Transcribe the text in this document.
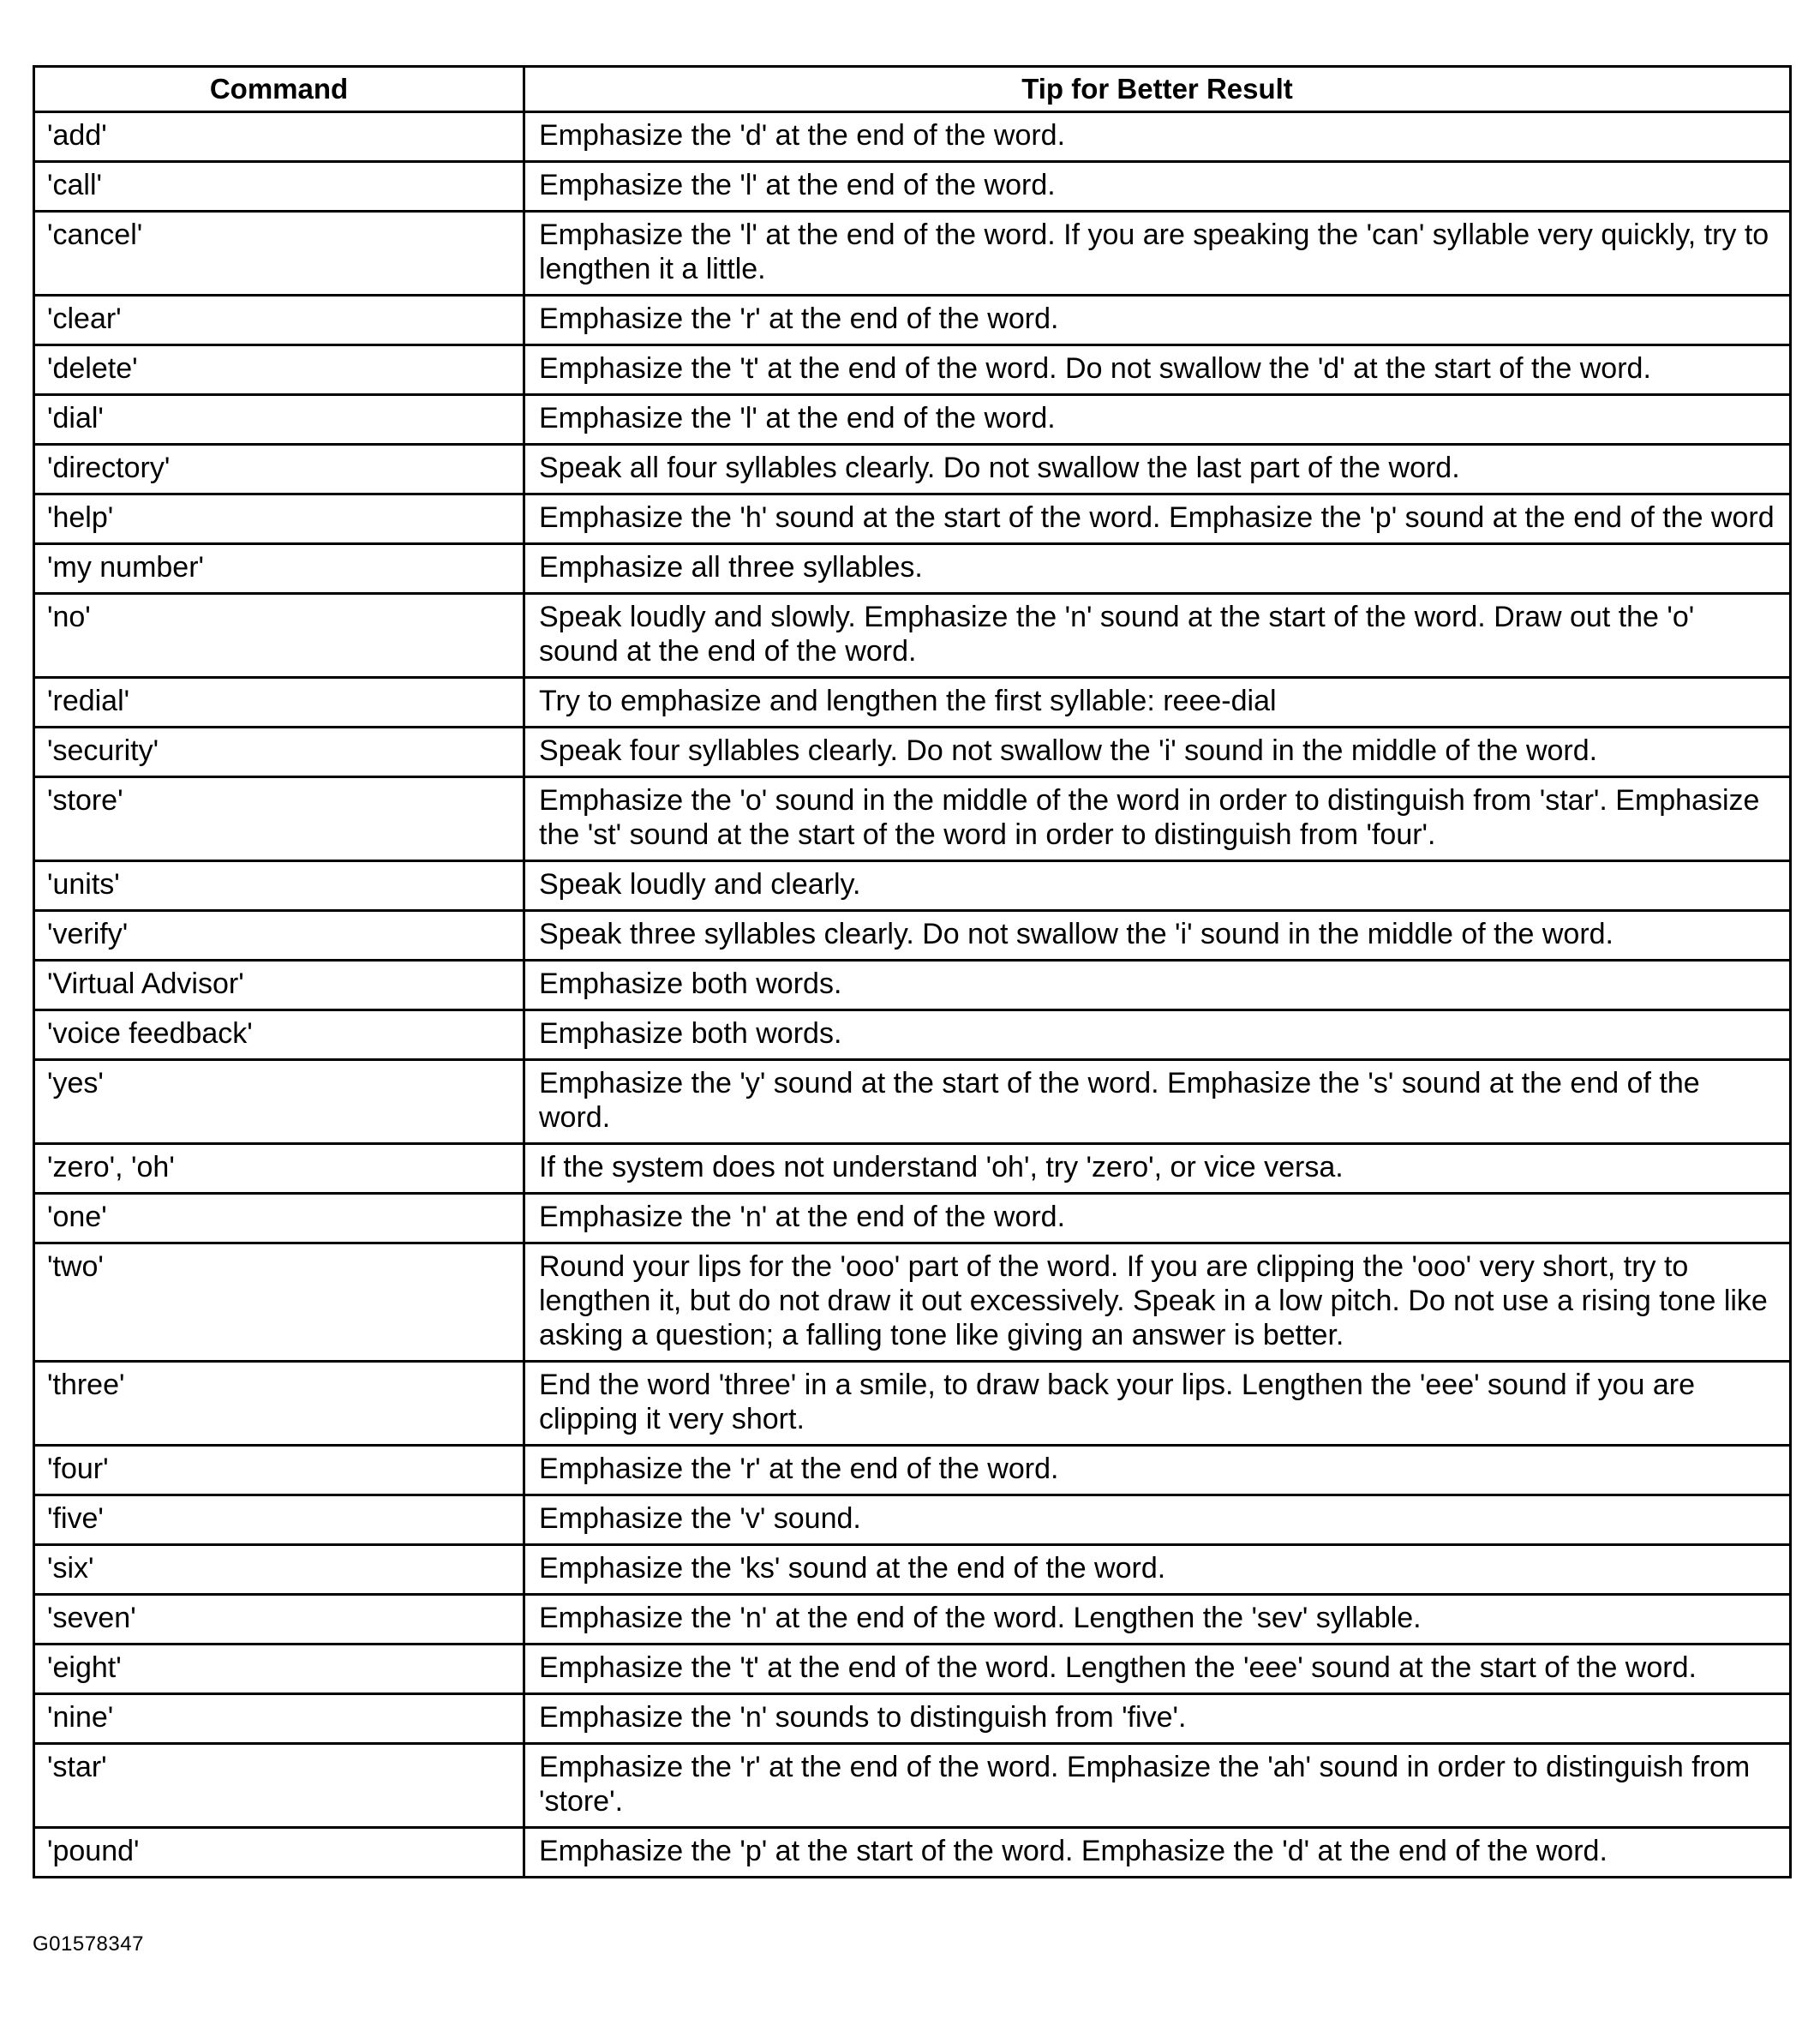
Command	Tip for Better Result
'add'	Emphasize the 'd' at the end of the word.
'call'	Emphasize the 'l' at the end of the word.
'cancel'	Emphasize the 'l' at the end of the word. If you are speaking the 'can' syllable very quickly, try to lengthen it a little.
'clear'	Emphasize the 'r' at the end of the word.
'delete'	Emphasize the 't' at the end of the word. Do not swallow the 'd' at the start of the word.
'dial'	Emphasize the 'l' at the end of the word.
'directory'	Speak all four syllables clearly. Do not swallow the last part of the word.
'help'	Emphasize the 'h' sound at the start of the word. Emphasize the 'p' sound at the end of the word
'my number'	Emphasize all three syllables.
'no'	Speak loudly and slowly. Emphasize the 'n' sound at the start of the word. Draw out the 'o' sound at the end of the word.
'redial'	Try to emphasize and lengthen the first syllable: reee-dial
'security'	Speak four syllables clearly. Do not swallow the 'i' sound in the middle of the word.
'store'	Emphasize the 'o' sound in the middle of the word in order to distinguish from 'star'. Emphasize the 'st' sound at the start of the word in order to distinguish from 'four'.
'units'	Speak loudly and clearly.
'verify'	Speak three syllables clearly. Do not swallow the 'i' sound in the middle of the word.
'Virtual Advisor'	Emphasize both words.
'voice feedback'	Emphasize both words.
'yes'	Emphasize the 'y' sound at the start of the word. Emphasize the 's' sound at the end of the word.
'zero', 'oh'	If the system does not understand 'oh', try 'zero', or vice versa.
'one'	Emphasize the 'n' at the end of the word.
'two'	Round your lips for the 'ooo' part of the word. If you are clipping the 'ooo' very short, try to lengthen it, but do not draw it out excessively. Speak in a low pitch. Do not use a rising tone like asking a question; a falling tone like giving an answer is better.
'three'	End the word 'three' in a smile, to draw back your lips. Lengthen the 'eee' sound if you are clipping it very short.
'four'	Emphasize the 'r' at the end of the word.
'five'	Emphasize the 'v' sound.
'six'	Emphasize the 'ks' sound at the end of the word.
'seven'	Emphasize the 'n' at the end of the word. Lengthen the 'sev' syllable.
'eight'	Emphasize the 't' at the end of the word. Lengthen the 'eee' sound at the start of the word.
'nine'	Emphasize the 'n' sounds to distinguish from 'five'.
'star'	Emphasize the 'r' at the end of the word. Emphasize the 'ah' sound in order to distinguish from 'store'.
'pound'	Emphasize the 'p' at the start of the word. Emphasize the 'd' at the end of the word.
G01578347
